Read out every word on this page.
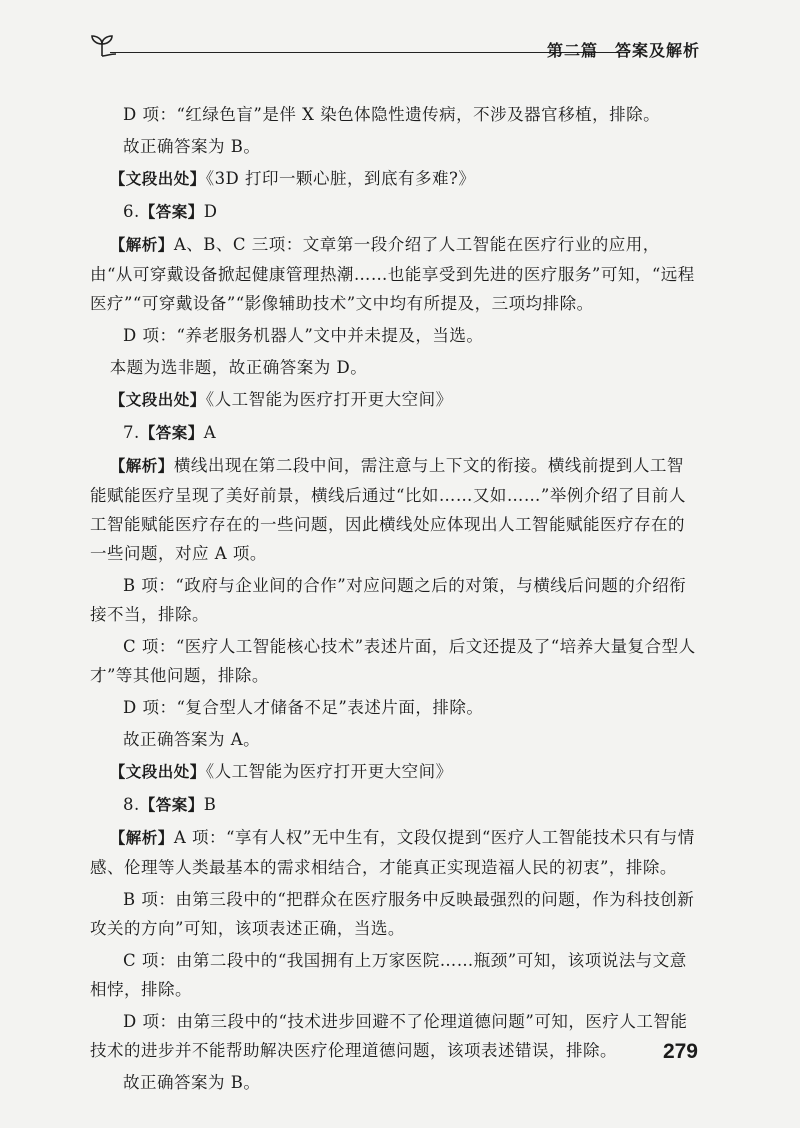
第二篇　答案及解析

D 项：“红绿色盲”是伴 X 染色体隐性遗传病，不涉及器官移植，排除。

故正确答案为 B。

【文段出处】《3D 打印一颗心脏，到底有多难?》

6.【答案】D

【解析】A、B、C 三项：文章第一段介绍了人工智能在医疗行业的应用，由“从可穿戴设备掀起健康管理热潮……也能享受到先进的医疗服务”可知，“远程医疗”“可穿戴设备”“影像辅助技术”文中均有所提及，三项均排除。

D 项：“养老服务机器人”文中并未提及，当选。

本题为选非题，故正确答案为 D。

【文段出处】《人工智能为医疗打开更大空间》

7.【答案】A

【解析】横线出现在第二段中间，需注意与上下文的衔接。横线前提到人工智能赋能医疗呈现了美好前景，横线后通过“比如……又如……”举例介绍了目前人工智能赋能医疗存在的一些问题，因此横线处应体现出人工智能赋能医疗存在的一些问题，对应 A 项。

B 项：“政府与企业间的合作”对应问题之后的对策，与横线后问题的介绍衔接不当，排除。

C 项：“医疗人工智能核心技术”表述片面，后文还提及了“培养大量复合型人才”等其他问题，排除。

D 项：“复合型人才储备不足”表述片面，排除。

故正确答案为 A。

【文段出处】《人工智能为医疗打开更大空间》

8.【答案】B

【解析】A 项：“享有人权”无中生有，文段仅提到“医疗人工智能技术只有与情感、伦理等人类最基本的需求相结合，才能真正实现造福人民的初衷”，排除。

B 项：由第三段中的“把群众在医疗服务中反映最强烈的问题，作为科技创新攻关的方向”可知，该项表述正确，当选。

C 项：由第二段中的“我国拥有上万家医院……瓶颈”可知，该项说法与文意相悖，排除。

D 项：由第三段中的“技术进步回避不了伦理道德问题”可知，医疗人工智能技术的进步并不能帮助解决医疗伦理道德问题，该项表述错误，排除。

故正确答案为 B。

279
